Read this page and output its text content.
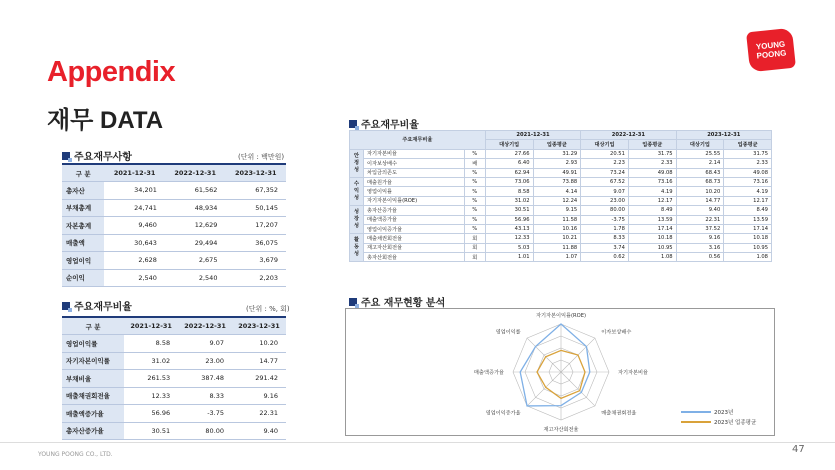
Appendix
재무 DATA
YOUNG
POONG
주요재무사항	(단위 : 백만원)
구 분	2021-12-31	2022-12-31	2023-12-31
총자산	34,201	61,562	67,352
부채총계	24,741	48,934	50,145
자본총계	9,460	12,629	17,207
매출액	30,643	29,494	36,075
영업이익	2,628	2,675	3,679
순이익	2,540	2,540	2,203
주요재무비율	(단위 : %, 회)
구 분	2021-12-31	2022-12-31	2023-12-31
영업이익률	8.58	9.07	10.20
자기자본이익률	31.02	23.00	14.77
부채비율	261.53	387.48	291.42
매출채권회전율	12.33	8.33	9.16
매출액증가율	56.96	-3.75	22.31
총자산증가율	30.51	80.00	9.40
주요재무비율
주요재무비율			2021-12-31		2022-12-31		2023-12-31	
			대상기업	업종평균	대상기업	업종평균	대상기업	업종평균
안
정
성	자기자본비율	%	27.66	31.29	20.51	31.75	25.55	31.75
	이자보상배수	배	6.40	2.93	2.23	2.33	2.14	2.33
	차입금의존도	%	62.94	49.91	73.24	49.08	68.43	49.08
수
익
성	매출원가율	%	73.06	73.88	67.52	73.16	68.73	73.16
	영업이익률	%	8.58	4.14	9.07	4.19	10.20	4.19
	자기자본이익률(ROE)	%	31.02	12.24	23.00	12.17	14.77	12.17
성
장
성	총자산증가율	%	30.51	9.15	80.00	8.49	9.40	8.49
	매출액증가율	%	56.96	11.58	-3.75	13.59	22.31	13.59
	영업이익증가율	%	43.13	10.16	1.78	17.14	37.52	17.14
활
동
성	매출채권회전율	회	12.33	10.21	8.33	10.18	9.16	10.18
	재고자산회전율	회	5.03	11.88	3.74	10.95	3.16	10.95
	총자산회전율	회	1.01	1.07	0.62	1.08	0.56	1.08
주요 재무현황 분석
자기자본이익률(ROE)
이자보상배수
자기자본비율
매출채권회전율
재고자산회전율
영업이익증가율
매출액증가율
영업이익률
2023년
2023년 업종평균
YOUNG POONG CO., LTD.	47
